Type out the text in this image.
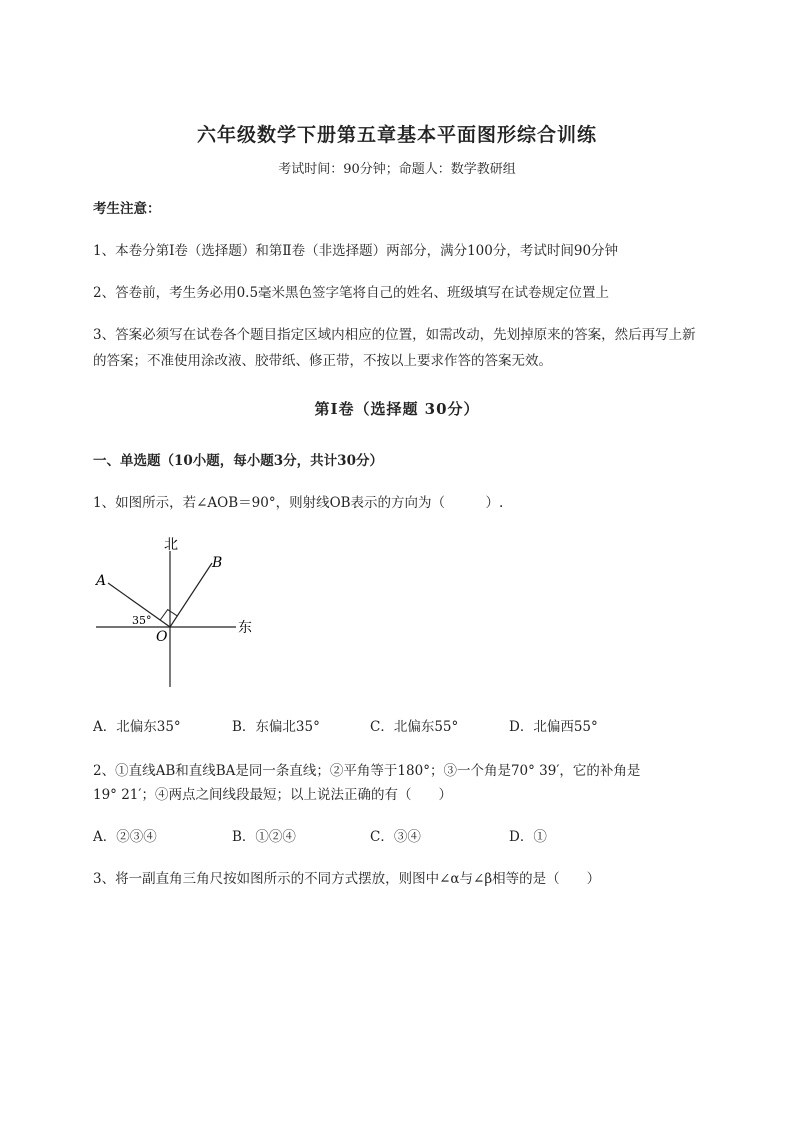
六年级数学下册第五章基本平面图形综合训练
考试时间：90分钟；命题人：数学教研组
考生注意：
1、本卷分第Ⅰ卷（选择题）和第Ⅱ卷（非选择题）两部分，满分100分，考试时间90分钟
2、答卷前，考生务必用0.5毫米黑色签字笔将自己的姓名、班级填写在试卷规定位置上
3、答案必须写在试卷各个题目指定区域内相应的位置，如需改动，先划掉原来的答案，然后再写上新
的答案；不准使用涂改液、胶带纸、修正带，不按以上要求作答的答案无效。
第Ⅰ卷（选择题 30分）
一、单选题（10小题，每小题3分，共计30分）
1、如图所示，若∠AOB＝90°，则射线OB表示的方向为（　　　）.
北
东
A
B
O
35°
A．北偏东35°	B．东偏北35°	C．北偏东55°	D．北偏西55°
2、①直线AB和直线BA是同一条直线；②平角等于180°；③一个角是70° 39′，它的补角是
19° 21′；④两点之间线段最短；以上说法正确的有（　　）
A．②③④	B．①②④	C．③④	D．①
3、将一副直角三角尺按如图所示的不同方式摆放，则图中∠α与∠β相等的是（　　）
